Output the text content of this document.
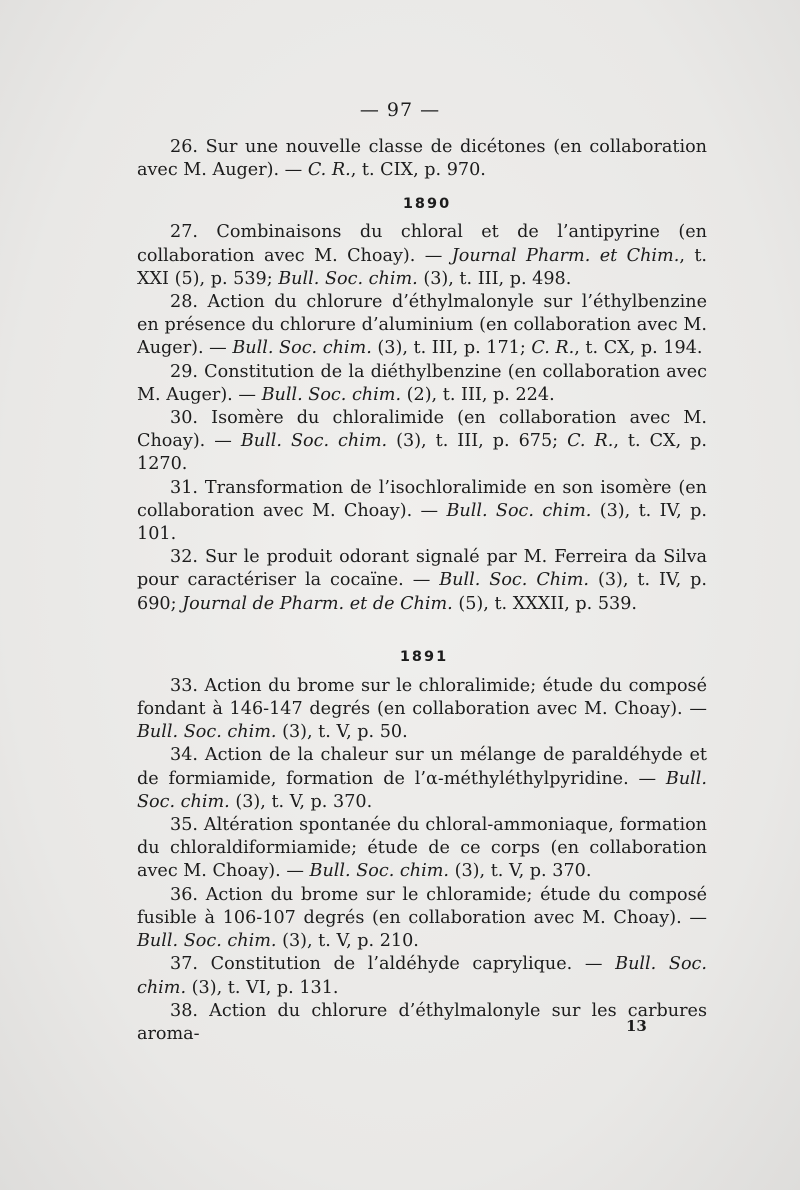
— 97 —

26. Sur une nouvelle classe de dicétones (en collaboration avec M. Auger). — C. R., t. CIX, p. 970.

1890

27. Combinaisons du chloral et de l’antipyrine (en collaboration avec M. Choay). — Journal Pharm. et Chim., t. XXI (5), p. 539; Bull. Soc. chim. (3), t. III, p. 498.

28. Action du chlorure d’éthylmalonyle sur l’éthylbenzine en présence du chlorure d’aluminium (en collaboration avec M. Auger). — Bull. Soc. chim. (3), t. III, p. 171; C. R., t. CX, p. 194.

29. Constitution de la diéthylbenzine (en collaboration avec M. Auger). — Bull. Soc. chim. (2), t. III, p. 224.

30. Isomère du chloralimide (en collaboration avec M. Choay). — Bull. Soc. chim. (3), t. III, p. 675; C. R., t. CX, p. 1270.

31. Transformation de l’isochloralimide en son isomère (en collaboration avec M. Choay). — Bull. Soc. chim. (3), t. IV, p. 101.

32. Sur le produit odorant signalé par M. Ferreira da Silva pour caractériser la cocaïne. — Bull. Soc. Chim. (3), t. IV, p. 690; Journal de Pharm. et de Chim. (5), t. XXXII, p. 539.

1891

33. Action du brome sur le chloralimide; étude du composé fondant à 146-147 degrés (en collaboration avec M. Choay). — Bull. Soc. chim. (3), t. V, p. 50.

34. Action de la chaleur sur un mélange de paraldéhyde et de formiamide, formation de l’α-méthyléthylpyridine. — Bull. Soc. chim. (3), t. V, p. 370.

35. Altération spontanée du chloral-ammoniaque, formation du chloraldiformiamide; étude de ce corps (en collaboration avec M. Choay). — Bull. Soc. chim. (3), t. V, p. 370.

36. Action du brome sur le chloramide; étude du composé fusible à 106-107 degrés (en collaboration avec M. Choay). — Bull. Soc. chim. (3), t. V, p. 210.

37. Constitution de l’aldéhyde caprylique. — Bull. Soc. chim. (3), t. VI, p. 131.

38. Action du chlorure d’éthylmalonyle sur les carbures aroma-	13
